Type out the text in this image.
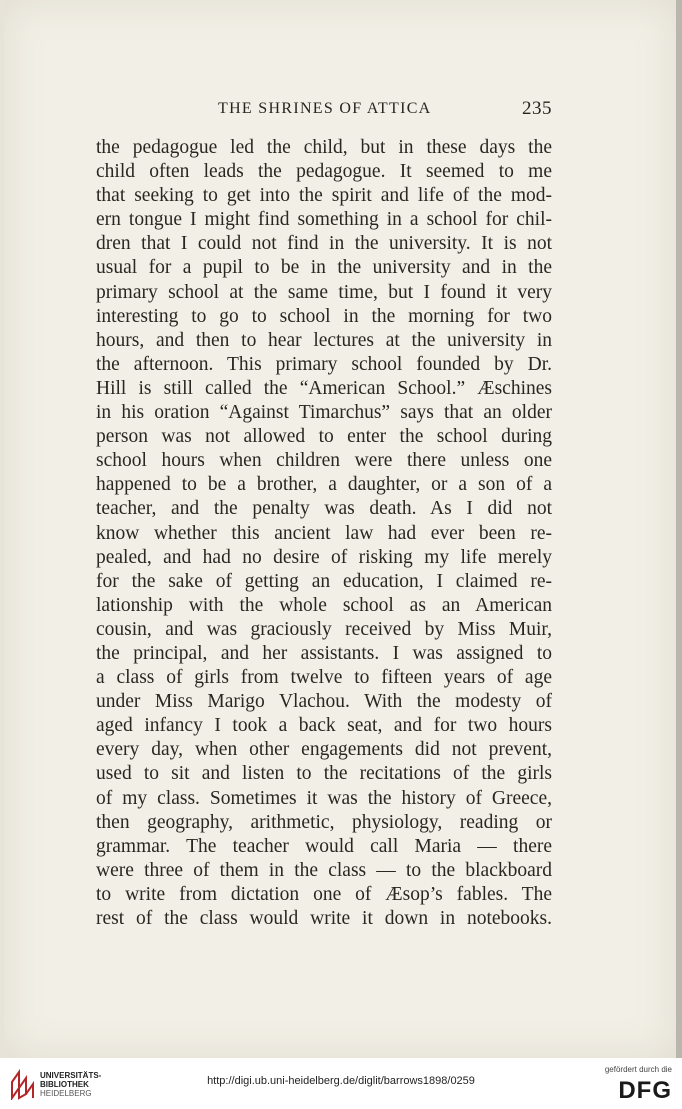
THE SHRINES OF ATTICA	235
the pedagogue led the child, but in these days the
child often leads the pedagogue. It seemed to me
that seeking to get into the spirit and life of the mod-
ern tongue I might find something in a school for chil-
dren that I could not find in the university. It is not
usual for a pupil to be in the university and in the
primary school at the same time, but I found it very
interesting to go to school in the morning for two
hours, and then to hear lectures at the university in
the afternoon. This primary school founded by Dr.
Hill is still called the “American School.” Æschines
in his oration “Against Timarchus” says that an older
person was not allowed to enter the school during
school hours when children were there unless one
happened to be a brother, a daughter, or a son of a
teacher, and the penalty was death. As I did not
know whether this ancient law had ever been re-
pealed, and had no desire of risking my life merely
for the sake of getting an education, I claimed re-
lationship with the whole school as an American
cousin, and was graciously received by Miss Muir,
the principal, and her assistants. I was assigned to
a class of girls from twelve to fifteen years of age
under Miss Marigo Vlachou. With the modesty of
aged infancy I took a back seat, and for two hours
every day, when other engagements did not prevent,
used to sit and listen to the recitations of the girls
of my class. Sometimes it was the history of Greece,
then geography, arithmetic, physiology, reading or
grammar. The teacher would call Maria — there
were three of them in the class — to the blackboard
to write from dictation one of Æsop’s fables. The
rest of the class would write it down in notebooks.
UNIVERSITÄTS-
BIBLIOTHEK
HEIDELBERG
http://digi.ub.uni-heidelberg.de/diglit/barrows1898/0259
gefördert durch die
DFG
